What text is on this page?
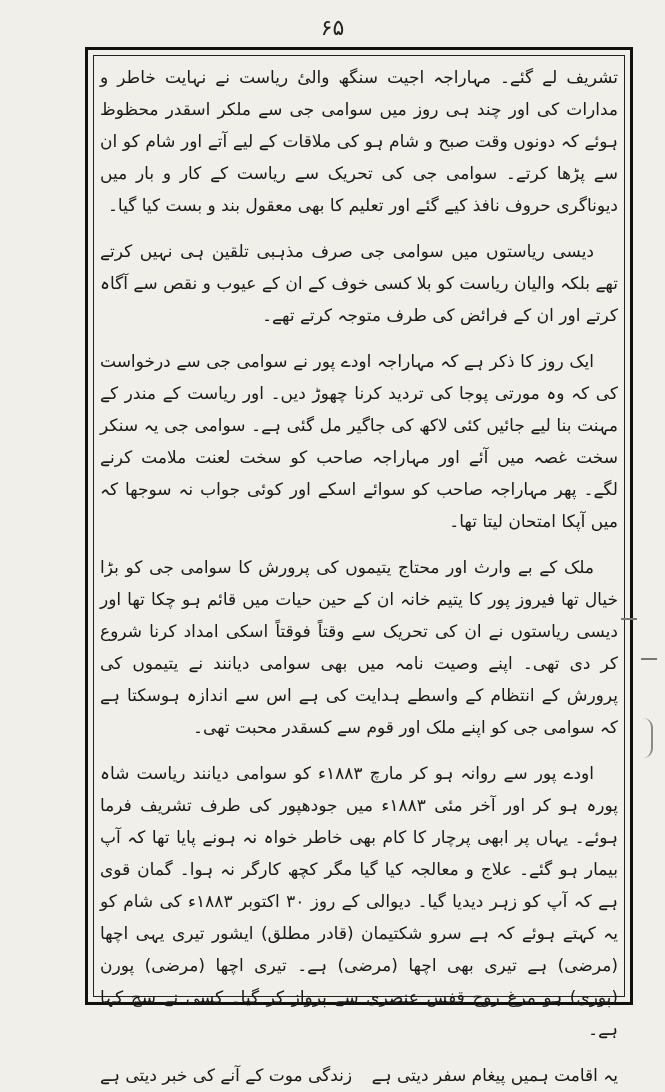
۶۵

تشریف لے گئے۔ مہاراجہ اجیت سنگھ والیٔ ریاست نے نہایت خاطر و مدارات کی اور چند ہی روز میں سوامی جی سے ملکر اسقدر محظوظ ہوئے کہ دونوں وقت صبح و شام ہو کی ملاقات کے لیے آتے اور شام کو ان سے پڑھا کرتے۔ سوامی جی کی تحریک سے ریاست کے کار و بار میں دیوناگری حروف نافذ کیے گئے اور تعلیم کا بھی معقول بند و بست کیا گیا۔

دیسی ریاستوں میں سوامی جی صرف مذہبی تلقین ہی نہیں کرتے تھے بلکہ والیان ریاست کو بلا کسی خوف کے ان کے عیوب و نقص سے آگاہ کرتے اور ان کے فرائض کی طرف متوجہ کرتے تھے۔

ایک روز کا ذکر ہے کہ مہاراجہ اودے پور نے سوامی جی سے درخواست کی کہ وہ مورتی پوجا کی تردید کرنا چھوڑ دیں۔ اور ریاست کے مندر کے مہنت بنا لیے جائیں کئی لاکھ کی جاگیر مل گئی ہے۔ سوامی جی یہ سنکر سخت غصہ میں آئے اور مہاراجہ صاحب کو سخت لعنت ملامت کرنے لگے۔ پھر مہاراجہ صاحب کو سوائے اسکے اور کوئی جواب نہ سوجھا کہ میں آپکا امتحان لیتا تھا۔

ملک کے بے وارث اور محتاج یتیموں کی پرورش کا سوامی جی کو بڑا خیال تھا فیروز پور کا یتیم خانہ ان کے حین حیات میں قائم ہو چکا تھا اور دیسی ریاستوں نے ان کی تحریک سے وقتاً فوقتاً اسکی امداد کرنا شروع کر دی تھی۔ اپنے وصیت نامہ میں بھی سوامی دیانند نے یتیموں کی پرورش کے انتظام کے واسطے ہدایت کی ہے اس سے اندازہ ہوسکتا ہے کہ سوامی جی کو اپنے ملک اور قوم سے کسقدر محبت تھی۔

اودے پور سے روانہ ہو کر مارچ ۱۸۸۳ء کو سوامی دیانند ریاست شاہ پورہ ہو کر اور آخر مئی ۱۸۸۳ء میں جودھپور کی طرف تشریف فرما ہوئے۔ یہاں پر ابھی پرچار کا کام بھی خاطر خواہ نہ ہونے پایا تھا کہ آپ بیمار ہو گئے۔ علاج و معالجہ کیا گیا مگر کچھ کارگر نہ ہوا۔ گمان قوی ہے کہ آپ کو زہر دیدیا گیا۔ دیوالی کے روز ۳۰ اکتوبر ۱۸۸۳ء کی شام کو یہ کہتے ہوئے کہ ہے سرو شکتیمان (قادر مطلق) ایشور تیری یہی اچھا (مرضی) ہے تیری بھی اچھا (مرضی) ہے۔ تیری اچھا (مرضی) پورن (پوری) ہو مرغ روح قفس عنصری سے پرواز کر گیا۔ کسی نے سچ کہا ہے۔

یہ اقامت ہمیں پیغام سفر دیتی ہے
زندگی موت کے آنے کی خبر دیتی ہے
